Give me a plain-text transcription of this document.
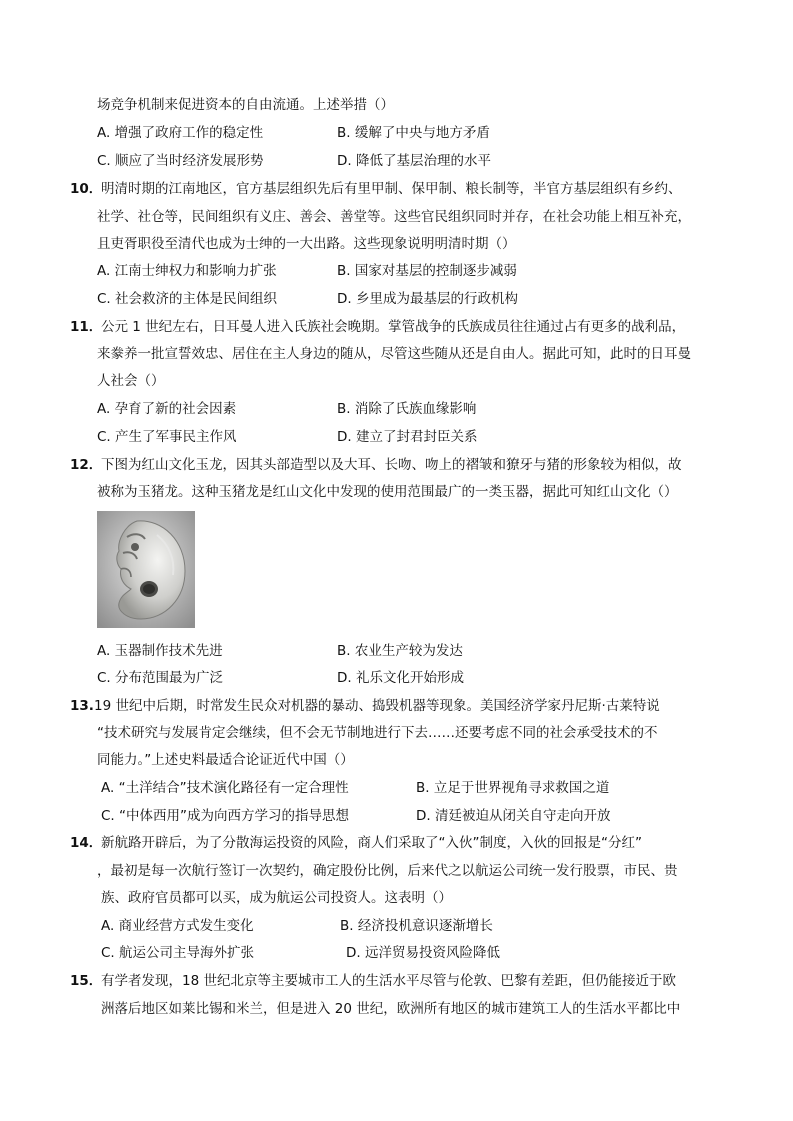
场竞争机制来促进资本的自由流通。上述举措（）
A. 增强了政府工作的稳定性	B. 缓解了中央与地方矛盾
C. 顺应了当时经济发展形势	D. 降低了基层治理的水平
10．
明清时期的江南地区，官方基层组织先后有里甲制、保甲制、粮长制等，半官方基层组织有乡约、
社学、社仓等，民间组织有义庄、善会、善堂等。这些官民组织同时并存，在社会功能上相互补充，
且吏胥职役至清代也成为士绅的一大出路。这些现象说明明清时期（）
A. 江南士绅权力和影响力扩张	B. 国家对基层的控制逐步减弱
C. 社会救济的主体是民间组织	D. 乡里成为最基层的行政机构
11．
公元 1 世纪左右，日耳曼人进入氏族社会晚期。掌管战争的氏族成员往往通过占有更多的战利品，
来豢养一批宣誓效忠、居住在主人身边的随从，尽管这些随从还是自由人。据此可知，此时的日耳曼
人社会（）
A. 孕育了新的社会因素	B. 消除了氏族血缘影响
C. 产生了军事民主作风	D. 建立了封君封臣关系
12．
下图为红山文化玉龙，因其头部造型以及大耳、长吻、吻上的褶皱和獠牙与猪的形象较为相似，故
被称为玉猪龙。这种玉猪龙是红山文化中发现的使用范围最广的一类玉器，据此可知红山文化（）
A. 玉器制作技术先进	B. 农业生产较为发达
C. 分布范围最为广泛	D. 礼乐文化开始形成
13. 19 世纪中后期，时常发生民众对机器的暴动、捣毁机器等现象。美国经济学家丹尼斯·古莱特说
“技术研究与发展肯定会继续，但不会无节制地进行下去……还要考虑不同的社会承受技术的不
同能力。”上述史料最适合论证近代中国（）
A. “土洋结合”技术演化路径有一定合理性	B. 立足于世界视角寻求救国之道
C. “中体西用”成为向西方学习的指导思想	D. 清廷被迫从闭关自守走向开放
14．
新航路开辟后，为了分散海运投资的风险，商人们采取了“入伙”制度，入伙的回报是“分红”
，最初是每一次航行签订一次契约，确定股份比例，后来代之以航运公司统一发行股票，市民、贵
族、政府官员都可以买，成为航运公司投资人。这表明（）
A. 商业经营方式发生变化	B. 经济投机意识逐渐增长
C. 航运公司主导海外扩张	D. 远洋贸易投资风险降低
15．
有学者发现，18 世纪北京等主要城市工人的生活水平尽管与伦敦、巴黎有差距，但仍能接近于欧
洲落后地区如莱比锡和米兰，但是进入 20 世纪，欧洲所有地区的城市建筑工人的生活水平都比中
